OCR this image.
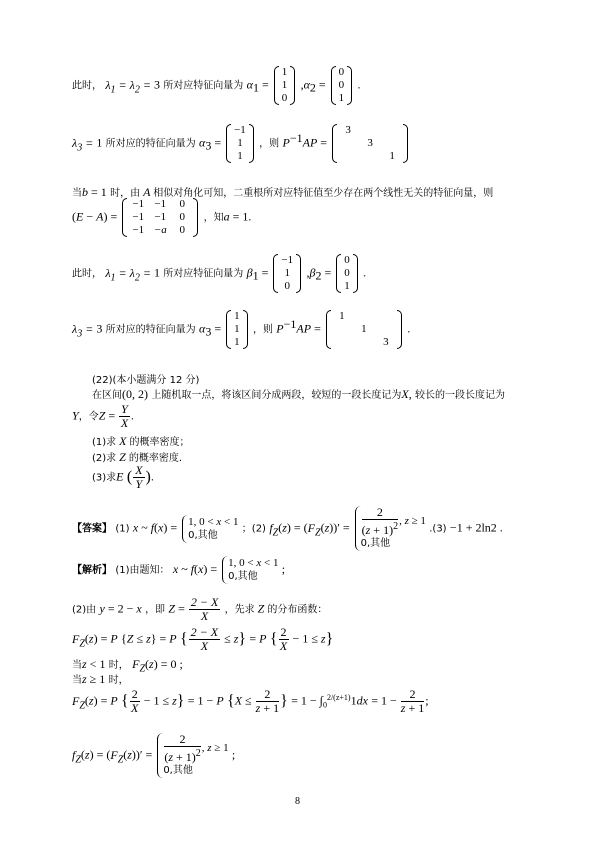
此时， $\lambda_1 = \lambda_2 = 3$ 所对应特征向量为 $\alpha_1$ =
1
1
0
$,\alpha_2$ =
0
0
1
.
$\lambda_3 = 1$ 所对应的特征向量为 $\alpha_3$ =
−1
1
1
，则 $P^{-1}AP$ =
3		
	3	
		1
当b = 1 时，由 A 相似对角化可知，二重根所对应特征值至少存在两个线性无关的特征向量，则
(E − A) =
−1	−1	0
−1	−1	0
−1	−a	0
，知a = 1.
此时， $\lambda_1 = \lambda_2 = 1$ 所对应特征向量为 $\beta_1$ =
−1
1
0
$,\beta_2$ =
0
0
1
.
$\lambda_3 = 3$ 所对应的特征向量为 $\alpha_3$ =
1
1
1
，则 $P^{-1}AP$ =
1		
	1	
		3
.
(22)(本小题满分 12 分)
在区间(0, 2) 上随机取一点，将该区间分成两段，较短的一段长度记为X, 较长的一段长度记为
Y，令$Z = \frac{Y}{X}$ .
(1)求 X 的概率密度；
(2)求 Z 的概率密度.
(3)求E ( $\frac{X}{Y}$ ).
【答案】 (1) x ~ f(x) = 1, 0 < x < 1
0,其他
；(2) $f_Z(z) = (F_Z(z))' = \frac{2}{(z + 1)^2}$ , z ≥ 1
0,其他
.(3) −1 + 2ln2 .
【解析】 (1)由题知： x ~ f(x) = 1, 0 < x < 1
0,其他
;
(2)由 y = 2 − x ，即 $Z = \frac{2 - X}{X}$ ，先求 Z 的分布函数：
$F_Z(z) = P$ {Z ≤ z} = P { $\frac{2 - X}{X} \le z\} = P$ { $\frac{2}{X} - 1 \le z$}
当z < 1 时， $F_Z(z) = 0$ ;
当z ≥ 1 时，
$F_Z(z) = P$ { $\frac{2}{X} - 1 \le z\} = 1 - P$ {$X \le \frac{2}{z + 1}$ } = $1 - \int_0^{2/(z+1)}1dx = 1 - \frac{2}{z + 1}$ ;
$f_Z(z) = (F_Z(z))' = \frac{2}{(z + 1)^2}$ , z ≥ 1
0,其他
;
8
